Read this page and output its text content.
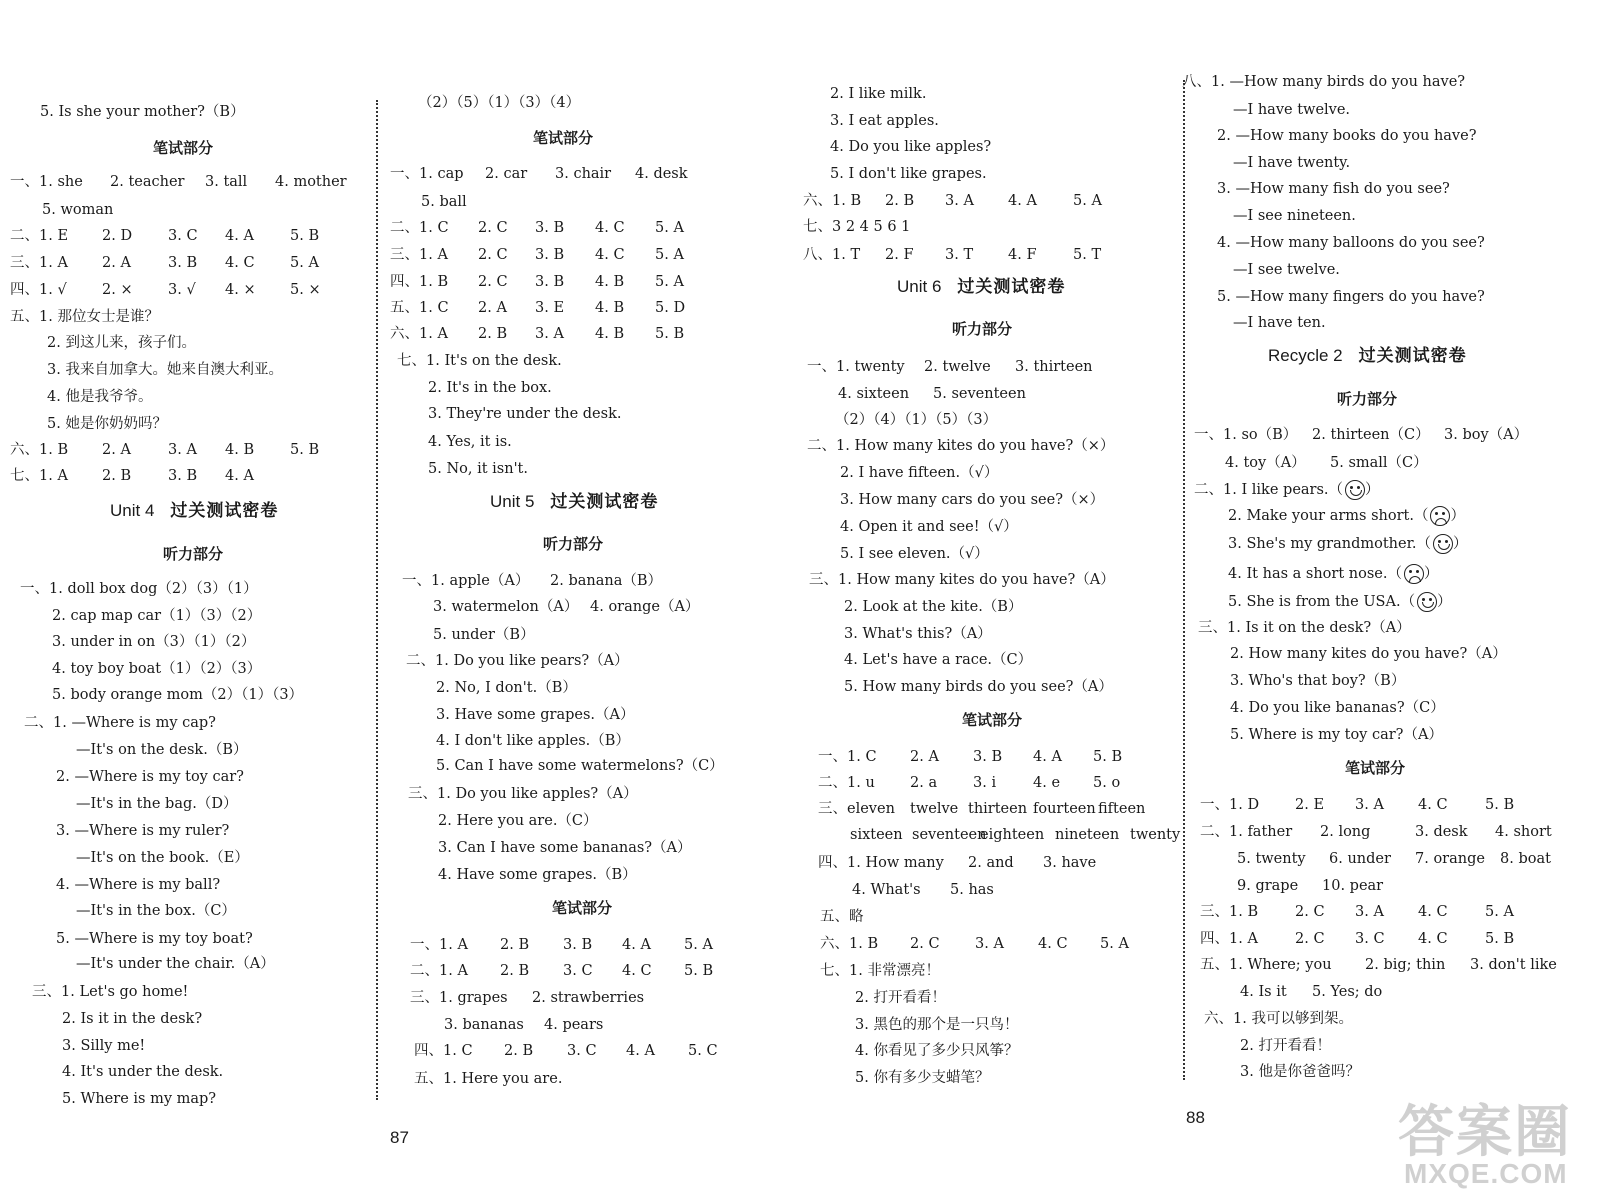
5. Is she your mother?（B）
笔试部分
一、1. she 2. teacher 3. tall 4. mother
5. woman
二、1. E 2. D 3. C 4. A 5. B
三、1. A 2. A	3. B 4. C 5. A
四、1. √ 2. × 3. √ 4. × 5. ×
五、1. 那位女士是谁？
2. 到这儿来，孩子们。
3. 我来自加拿大。她来自澳大利亚。
4. 他是我爷爷。
5. 她是你奶奶吗？
六、1. B 2. A	3. A 4. B 5. B
七、1. A 2. B	3. B 4. A
Unit 4 过关测试密卷
听力部分
一、1. doll box dog（2）（3）（1）
2. cap map car（1）（3）（2）
3. under in on（3）（1）（2）
4. toy boy boat（1）（2）（3）
5. body orange mom（2）（1）（3）
二、1. —Where is my cap?
—It's on the desk.（B）
2. —Where is my toy car?
—It's in the bag.（D）
3. —Where is my ruler?
—It's on the book.（E）
4. —Where is my ball?
—It's in the box.（C）
5. —Where is my toy boat?
—It's under the chair.（A）
三、1. Let's go home!
2. Is it in the desk?
3. Silly me!
4. It's under the desk.
5. Where is my map?
（2）（5）（1）（3）（4）
笔试部分
一、1. cap 2. car 3. chair 4. desk
5. ball
二、1. C 2. C 3. B 4. C 5. A
三、1. A 2. C 3. B 4. C 5. A
四、1. B 2. C 3. B 4. B 5. A
五、1. C 2. A 3. E 4. B 5. D
六、1. A 2. B 3. A 4. B 5. B
七、1. It's on the desk.
2. It's in the box.
3. They're under the desk.
4. Yes, it is.
5. No, it isn't.
Unit 5 过关测试密卷
听力部分
一、1. apple（A） 2. banana（B）
3. watermelon（A） 4. orange（A）
5. under（B）
二、1. Do you like pears?（A）
2. No, I don't.（B）
3. Have some grapes.（A）
4. I don't like apples.（B）
5. Can I have some watermelons?（C）
三、1. Do you like apples?（A）
2. Here you are.（C）
3. Can I have some bananas?（A）
4. Have some grapes.（B）
笔试部分
一、1. A 2. B 3. B 4. A 5. A
二、1. A 2. B 3. C 4. C 5. B
三、1. grapes 2. strawberries
3. bananas 4. pears
四、1. C 2. B 3. C 4. A 5. C
五、1. Here you are.
2. I like milk.
3. I eat apples.
4. Do you like apples?
5. I don't like grapes.
六、1. B 2. B 3. A 4. A 5. A
七、3 2 4 5 6 1
八、1. T 2. F 3. T 4. F	5. T
Unit 6 过关测试密卷
听力部分
一、1. twenty 2. twelve 3. thirteen
4. sixteen 5. seventeen
（2）（4）（1）（5）（3）
二、1. How many kites do you have?（×）
2. I have fifteen.（√）
3. How many cars do you see?（×）
4. Open it and see!（√）
5. I see eleven.（√）
三、1. How many kites do you have?（A）
2. Look at the kite.（B）
3. What's this?（A）
4. Let's have a race.（C）
5. How many birds do you see?（A）
笔试部分
一、1. C 2. A 3. B 4. A 5. B
二、1. u 2. a 3. i	4. e 5. o
三、eleven twelve thirteen fourteen fifteen
sixteen seventeen
eighteen nineteen twenty
四、1. How many 2. and 3. have
4. What's 5. has
五、略
六、1. B 2. C 3. A 4. C 5. A
七、1. 非常漂亮！
2. 打开看看！
3. 黑色的那个是一只鸟！
4. 你看见了多少只风筝？
5. 你有多少支蜡笔？
八、1. —How many birds do you have?
—I have twelve.
2. —How many books do you have?
—I have twenty.
3. —How many fish do you see?
—I see nineteen.
4. —How many balloons do you see?
—I see twelve.
5. —How many fingers do you have?
—I have ten.
Recycle 2 过关测试密卷
听力部分
一、1. so（B） 2. thirteen（C） 3. boy（A）
4. toy（A） 5. small（C）
二、1. I like pears.（ ）
2. Make your arms short.（ ）
3. She's my grandmother.（ ）
4. It has a short nose.（ ）
5. She is from the USA.（ ）
三、1. Is it on the desk?（A）
2. How many kites do you have?（A）
3. Who's that boy?（B）
4. Do you like bananas?（C）
5. Where is my toy car?（A）
笔试部分
一、1. D 2. E 3. A 4. C	5. B
二、1. father 2. long	3. desk 4. short
5. twenty 6. under 7. orange 8. boat
9. grape 10. pear
三、1. B	2. C 3. A 4. C	5. A
四、1. A	2. C 3. C 4. C	5. B
五、1. Where; you 2. big; thin 3. don't like
4. Is it 5. Yes; do
六、1. 我可以够到架。
2. 打开看看！
3. 他是你爸爸吗？
87
88	答案圈
MXQE.COM
